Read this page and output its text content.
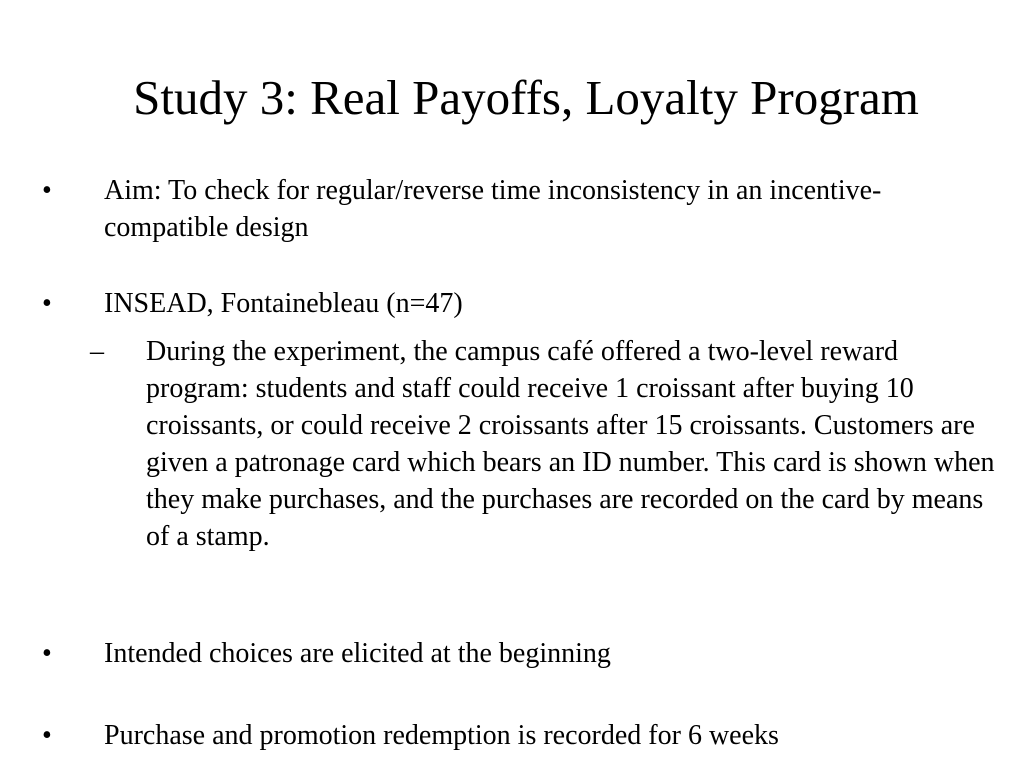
Study 3: Real Payoffs, Loyalty Program
• Aim: To check for regular/reverse time inconsistency in an incentive-compatible design
• INSEAD, Fontainebleau (n=47)
– During the experiment, the campus café offered a two-level reward program: students and staff could receive 1 croissant after buying 10 croissants, or could receive 2 croissants after 15 croissants. Customers are given a patronage card which bears an ID number. This card is shown when they make purchases, and the purchases are recorded on the card by means of a stamp.
• Intended choices are elicited at the beginning
• Purchase and promotion redemption is recorded for 6 weeks
